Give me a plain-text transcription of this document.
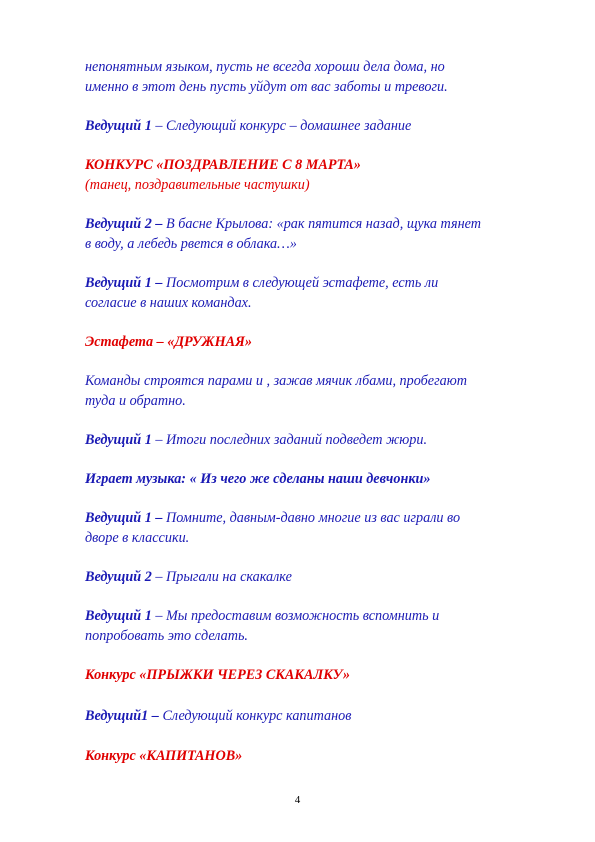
непонятным языком, пусть не всегда хороши дела дома, но
именно в этот день пусть уйдут от вас заботы и тревоги.
Ведущий 1 – Следующий конкурс – домашнее задание
КОНКУРС «ПОЗДРАВЛЕНИЕ С 8 МАРТА»
(танец, поздравительные частушки)
Ведущий 2 – В басне Крылова: «рак пятится назад, щука тянет
в воду, а лебедь рвется в облака…»
Ведущий 1 – Посмотрим в следующей эстафете, есть ли
согласие в наших командах.
Эстафета – «ДРУЖНАЯ»
Команды строятся парами и , зажав мячик лбами, пробегают
туда и обратно.
Ведущий 1 – Итоги последних заданий подведет жюри.
Играет музыка: « Из чего же сделаны наши девчонки»
Ведущий 1 – Помните, давным-давно многие из вас играли во
дворе в классики.
Ведущий 2 – Прыгали на скакалке
Ведущий 1 – Мы предоставим возможность вспомнить и
попробовать это сделать.
Конкурс «ПРЫЖКИ ЧЕРЕЗ СКАКАЛКУ»
Ведущий1 – Следующий конкурс капитанов
Конкурс «КАПИТАНОВ»
4
